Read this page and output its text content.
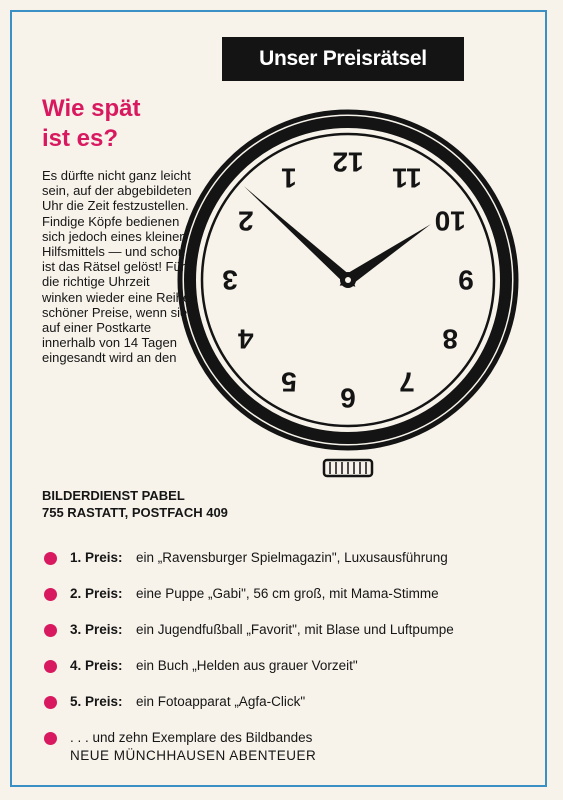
Unser Preisrätsel
Wie spät
ist es?
Es dürfte nicht ganz leicht sein, auf der abgebildeten Uhr die Zeit festzustellen. Findige Köpfe bedienen sich jedoch eines kleinen Hilfsmittels — und schon ist das Rätsel gelöst! Für die richtige Uhrzeit winken wieder eine Reihe schöner Preise, wenn sie auf einer Postkarte innerhalb von 14 Tagen eingesandt wird an den
BILDERDIENST PABEL
755 RASTATT, POSTFACH 409
12
1
2
3
4
5
6
7
8
9
10
11
1. Preis: ein „Ravensburger Spielmagazin", Luxusausführung
2. Preis: eine Puppe „Gabi", 56 cm groß, mit Mama-Stimme
3. Preis: ein Jugendfußball „Favorit", mit Blase und Luftpumpe
4. Preis: ein Buch „Helden aus grauer Vorzeit"
5. Preis: ein Fotoapparat „Agfa-Click"
. . . und zehn Exemplare des Bildbandes
NEUE MÜNCHHAUSEN ABENTEUER
